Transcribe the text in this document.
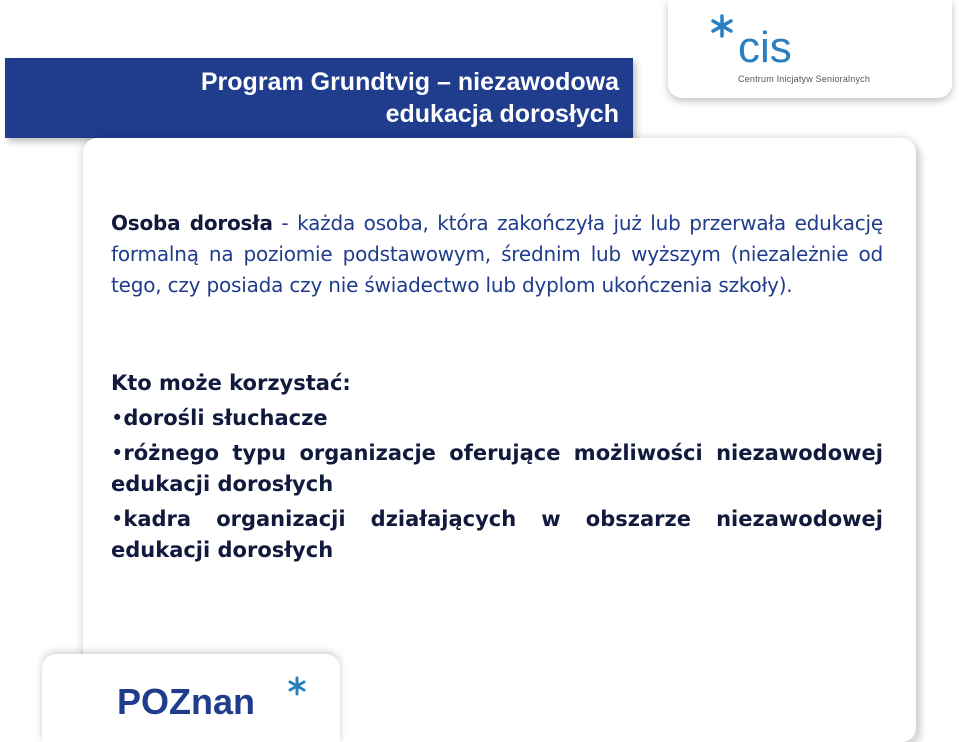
Program Grundtvig – niezawodowa
edukacja dorosłych
cis
Centrum Inicjatyw Senioralnych
Osoba dorosła - każda osoba, która zakończyła już lub przerwała edukację formalną na poziomie podstawowym, średnim lub wyższym (niezależnie od tego, czy posiada czy nie świadectwo lub dyplom ukończenia szkoły).

Kto może korzystać:

•dorośli słuchacze

•różnego typu organizacje oferujące możliwości niezawodowej edukacji dorosłych

•kadra organizacji działających w obszarze niezawodowej edukacji dorosłych

POZnan
